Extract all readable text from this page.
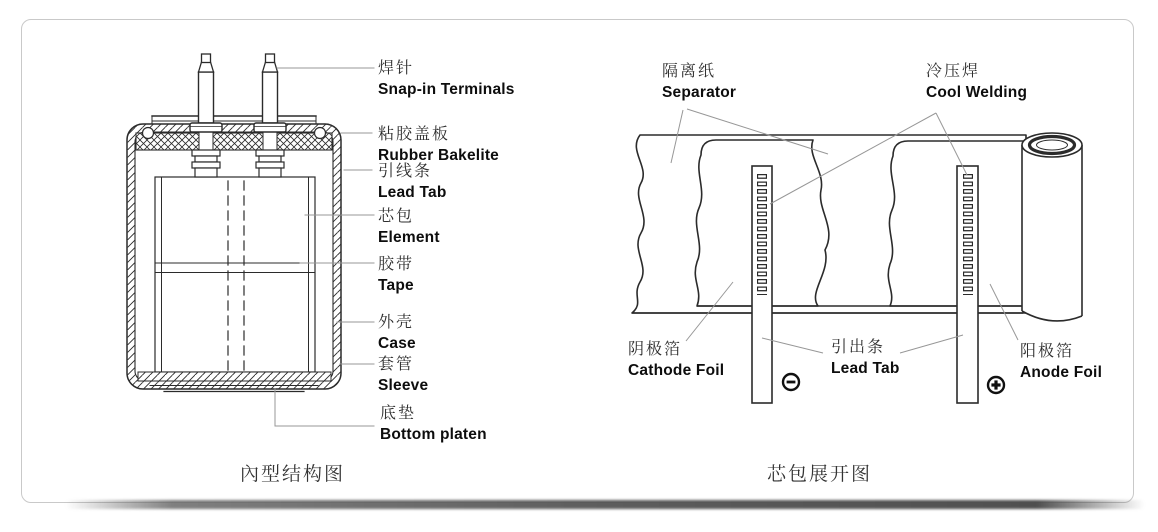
焊针
Snap-in Terminals
粘胶盖板
Rubber Bakelite
引线条
Lead Tab
芯包
Element
胶带
Tape
外壳
Case
套管
Sleeve
底垫
Bottom platen
隔离纸
Separator
冷压焊
Cool Welding
阴极箔
Cathode Foil
引出条
Lead Tab
阳极箔
Anode Foil
內型结构图	芯包展开图
